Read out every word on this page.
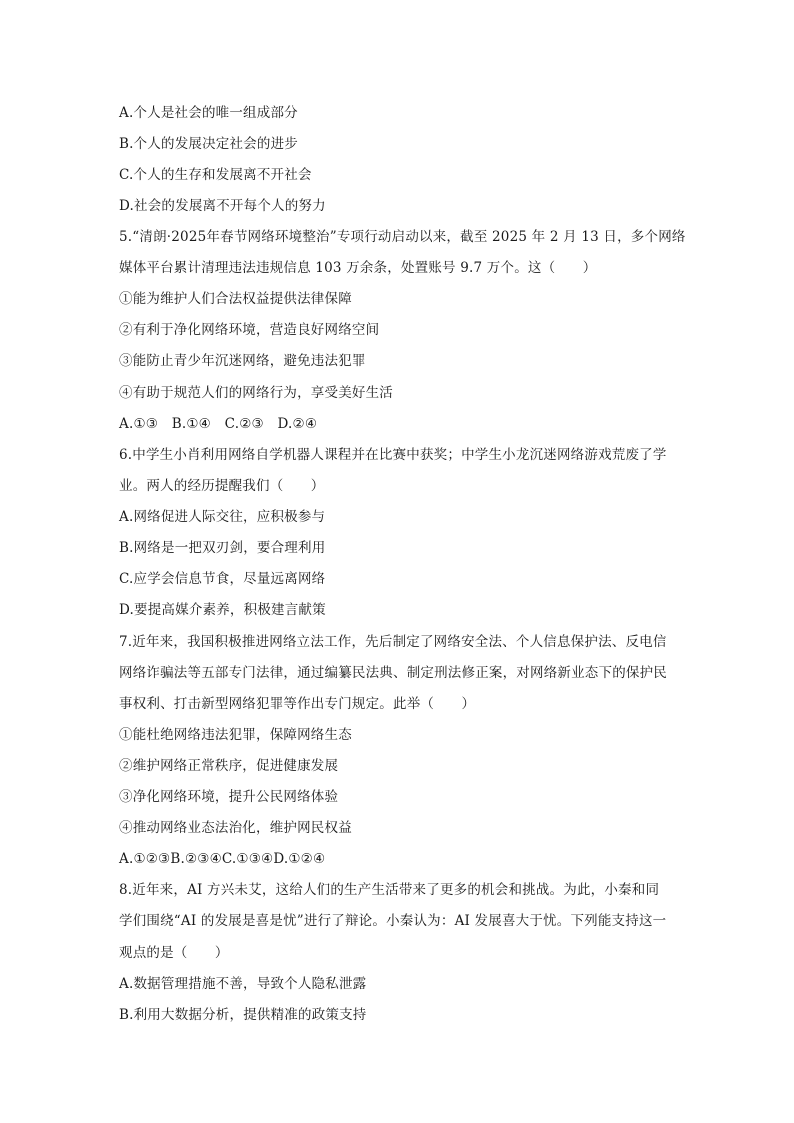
A.个人是社会的唯一组成部分
B.个人的发展决定社会的进步
C.个人的生存和发展离不开社会
D.社会的发展离不开每个人的努力
5.“清朗·2025年春节网络环境整治”专项行动启动以来，截至 2025 年 2 月 13 日，多个网络
媒体平台累计清理违法违规信息 103 万余条，处置账号 9.7 万个。这（　　）
①能为维护人们合法权益提供法律保障
②有利于净化网络环境，营造良好网络空间
③能防止青少年沉迷网络，避免违法犯罪
④有助于规范人们的网络行为，享受美好生活
A.①③　B.①④　C.②③　D.②④
6.中学生小肖利用网络自学机器人课程并在比赛中获奖；中学生小龙沉迷网络游戏荒废了学
业。两人的经历提醒我们（　　）
A.网络促进人际交往，应积极参与
B.网络是一把双刃剑，要合理利用
C.应学会信息节食，尽量远离网络
D.要提高媒介素养，积极建言献策
7.近年来，我国积极推进网络立法工作，先后制定了网络安全法、个人信息保护法、反电信
网络诈骗法等五部专门法律，通过编纂民法典、制定刑法修正案，对网络新业态下的保护民
事权利、打击新型网络犯罪等作出专门规定。此举（　　）
①能杜绝网络违法犯罪，保障网络生态
②维护网络正常秩序，促进健康发展
③净化网络环境，提升公民网络体验
④推动网络业态法治化，维护网民权益
A.①②③B.②③④C.①③④D.①②④
8.近年来，AI 方兴未艾，这给人们的生产生活带来了更多的机会和挑战。为此，小秦和同
学们围绕“AI 的发展是喜是忧”进行了辩论。小秦认为：AI 发展喜大于忧。下列能支持这一
观点的是（　　）
A.数据管理措施不善，导致个人隐私泄露
B.利用大数据分析，提供精准的政策支持
